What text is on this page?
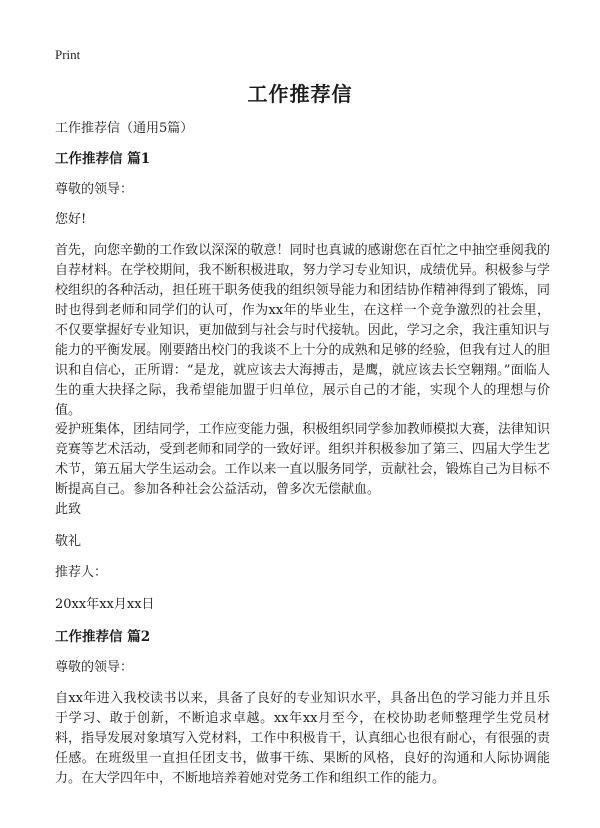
Print
工作推荐信
工作推荐信（通用5篇）
工作推荐信 篇1
尊敬的领导：
您好!
首先，向您辛勤的工作致以深深的敬意！同时也真诚的感谢您在百忙之中抽空垂阅我的自荐材料。在学校期间，我不断积极进取，努力学习专业知识，成绩优异。积极参与学校组织的各种活动，担任班干职务使我的组织领导能力和团结协作精神得到了锻炼，同时也得到老师和同学们的认可，作为xx年的毕业生，在这样一个竞争激烈的社会里，不仅要掌握好专业知识，更加做到与社会与时代接轨。因此，学习之余，我注重知识与能力的平衡发展。刚要踏出校门的我谈不上十分的成熟和足够的经验，但我有过人的胆识和自信心，正所谓：“是龙，就应该去大海搏击，是鹰，就应该去长空翱翔。”面临人生的重大抉择之际，我希望能加盟于归单位，展示自己的才能，实现个人的理想与价值。
爱护班集体，团结同学，工作应变能力强，积极组织同学参加教师模拟大赛，法律知识竞赛等艺术活动，受到老师和同学的一致好评。组织并积极参加了第三、四届大学生艺术节，第五届大学生运动会。工作以来一直以服务同学，贡献社会，锻炼自己为目标不断提高自己。参加各种社会公益活动，曾多次无偿献血。
此致
敬礼
推荐人：
20xx年xx月xx日
工作推荐信 篇2
尊敬的领导：
自xx年进入我校读书以来，具备了良好的专业知识水平，具备出色的学习能力并且乐于学习、敢于创新，不断追求卓越。xx年xx月至今，在校协助老师整理学生党员材料，指导发展对象填写入党材料，工作中积极肯干，认真细心也很有耐心，有很强的责任感。在班级里一直担任团支书，做事干练、果断的风格，良好的沟通和人际协调能力。在大学四年中，不断地培养着她对党务工作和组织工作的能力。
